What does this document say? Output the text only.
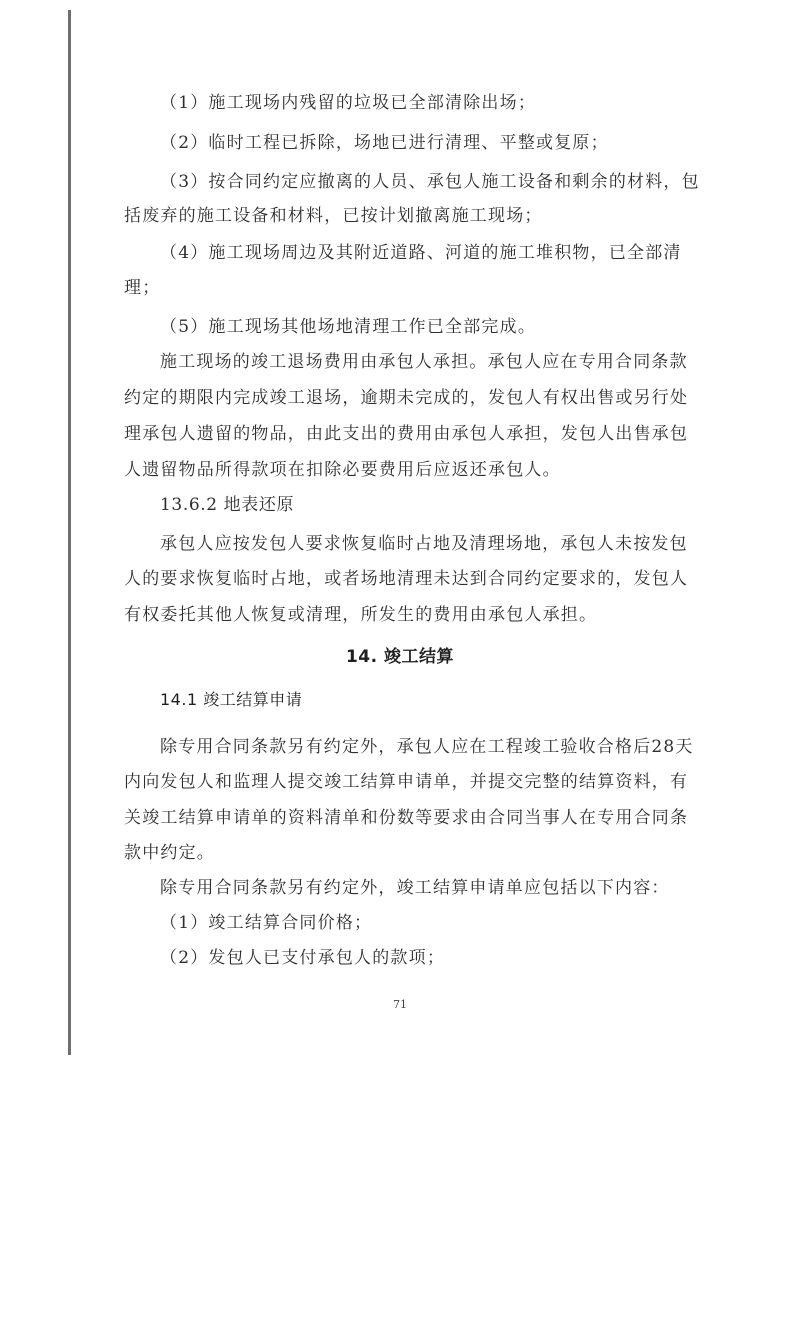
（1）施工现场内残留的垃圾已全部清除出场；
（2）临时工程已拆除，场地已进行清理、平整或复原；
（3）按合同约定应撤离的人员、承包人施工设备和剩余的材料，包
括废弃的施工设备和材料，已按计划撤离施工现场；
（4）施工现场周边及其附近道路、河道的施工堆积物，已全部清
理；
（5）施工现场其他场地清理工作已全部完成。
施工现场的竣工退场费用由承包人承担。承包人应在专用合同条款
约定的期限内完成竣工退场，逾期未完成的，发包人有权出售或另行处
理承包人遗留的物品，由此支出的费用由承包人承担，发包人出售承包
人遗留物品所得款项在扣除必要费用后应返还承包人。
13.6.2 地表还原
承包人应按发包人要求恢复临时占地及清理场地，承包人未按发包
人的要求恢复临时占地，或者场地清理未达到合同约定要求的，发包人
有权委托其他人恢复或清理，所发生的费用由承包人承担。
14. 竣工结算
14.1 竣工结算申请
除专用合同条款另有约定外，承包人应在工程竣工验收合格后28天
内向发包人和监理人提交竣工结算申请单，并提交完整的结算资料，有
关竣工结算申请单的资料清单和份数等要求由合同当事人在专用合同条
款中约定。
除专用合同条款另有约定外，竣工结算申请单应包括以下内容：
（1）竣工结算合同价格；
（2）发包人已支付承包人的款项；
71
